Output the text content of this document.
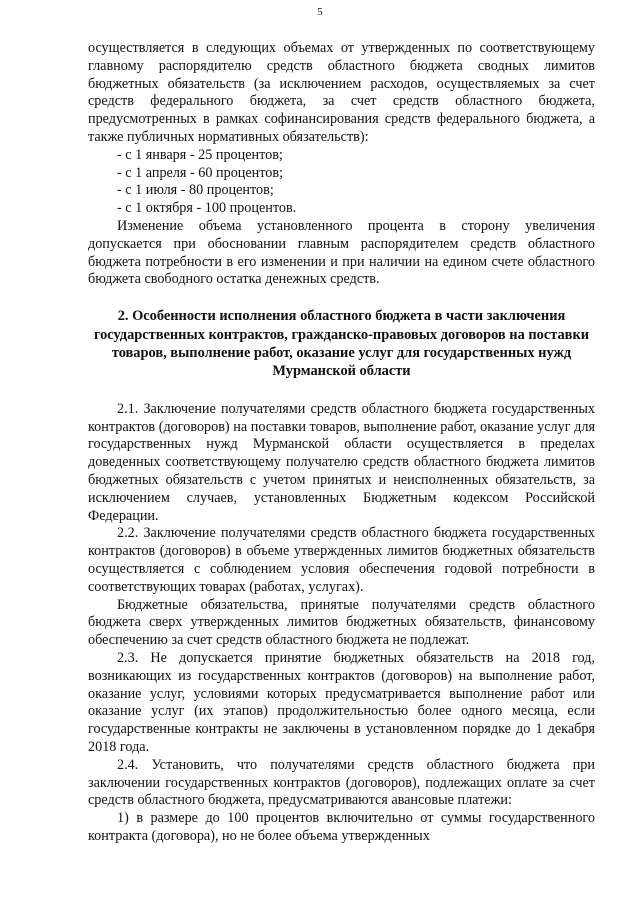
5

осуществляется в следующих объемах от утвержденных по соответствующему главному распорядителю средств областного бюджета сводных лимитов бюджетных обязательств (за исключением расходов, осуществляемых за счет средств федерального бюджета, за счет средств областного бюджета, предусмотренных в рамках софинансирования средств федерального бюджета, а также публичных нормативных обязательств):

- с 1 января - 25 процентов;
- с 1 апреля - 60 процентов;
- с 1 июля - 80 процентов;
- с 1 октября - 100 процентов.

Изменение объема установленного процента в сторону увеличения допускается при обосновании главным распорядителем средств областного бюджета потребности в его изменении и при наличии на едином счете областного бюджета свободного остатка денежных средств.

2. Особенности исполнения областного бюджета в части заключения государственных контрактов, гражданско-правовых договоров на поставки товаров, выполнение работ, оказание услуг для государственных нужд Мурманской области

2.1. Заключение получателями средств областного бюджета государственных контрактов (договоров) на поставки товаров, выполнение работ, оказание услуг для государственных нужд Мурманской области осуществляется в пределах доведенных соответствующему получателю средств областного бюджета лимитов бюджетных обязательств с учетом принятых и неисполненных обязательств, за исключением случаев, установленных Бюджетным кодексом Российской Федерации.

2.2. Заключение получателями средств областного бюджета государственных контрактов (договоров) в объеме утвержденных лимитов бюджетных обязательств осуществляется с соблюдением условия обеспечения годовой потребности в соответствующих товарах (работах, услугах).

Бюджетные обязательства, принятые получателями средств областного бюджета сверх утвержденных лимитов бюджетных обязательств, финансовому обеспечению за счет средств областного бюджета не подлежат.

2.3. Не допускается принятие бюджетных обязательств на 2018 год, возникающих из государственных контрактов (договоров) на выполнение работ, оказание услуг, условиями которых предусматривается выполнение работ или оказание услуг (их этапов) продолжительностью более одного месяца, если государственные контракты не заключены в установленном порядке до 1 декабря 2018 года.

2.4. Установить, что получателями средств областного бюджета при заключении государственных контрактов (договоров), подлежащих оплате за счет средств областного бюджета, предусматриваются авансовые платежи:

1) в размере до 100 процентов включительно от суммы государственного контракта (договора), но не более объема утвержденных
